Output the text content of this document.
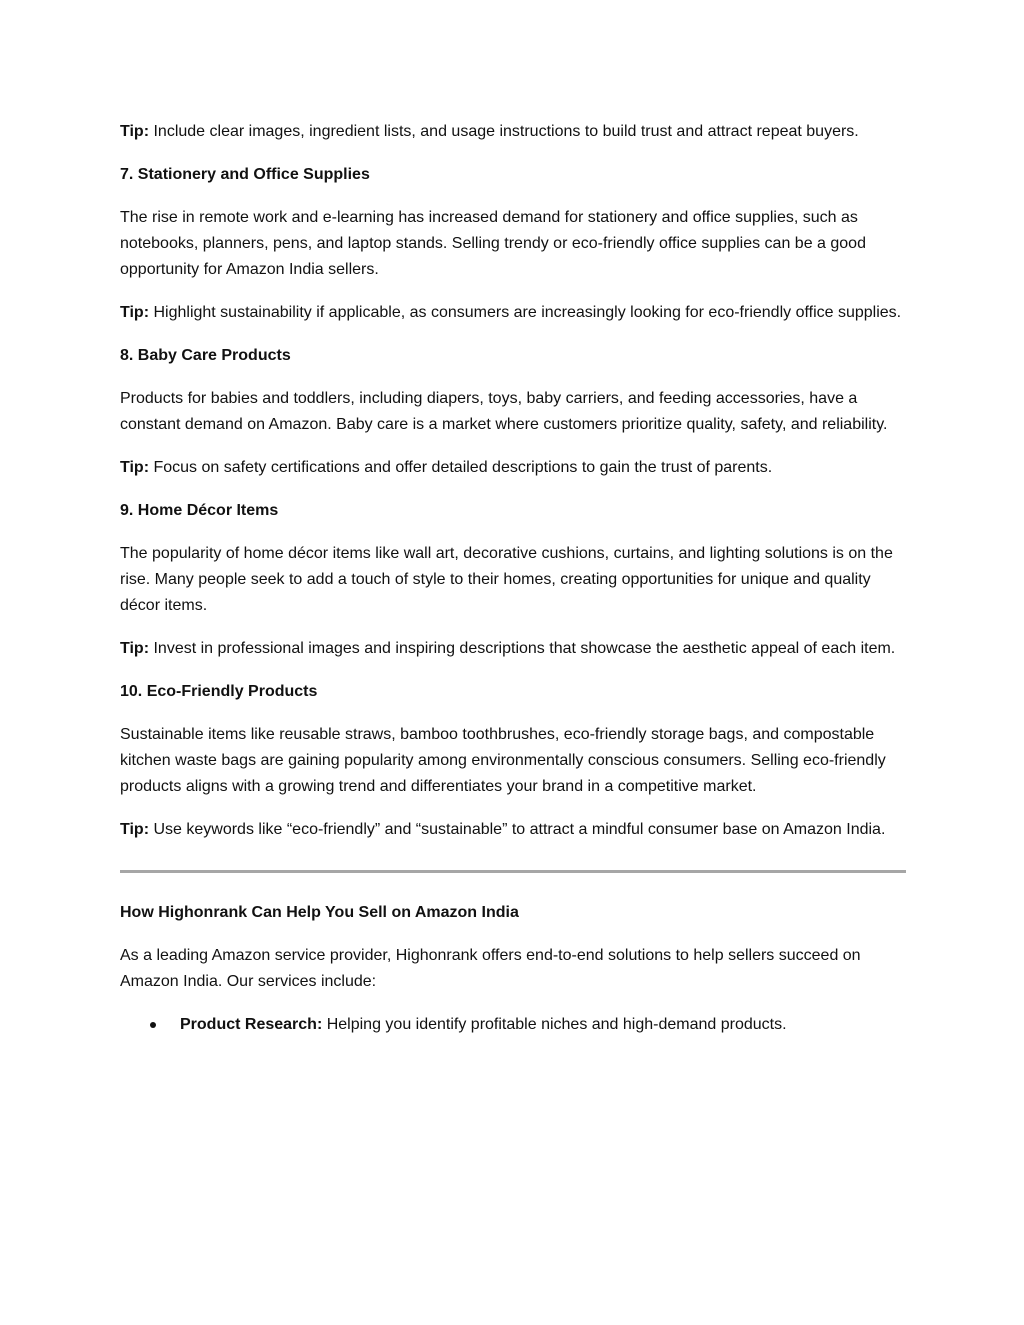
Tip: Include clear images, ingredient lists, and usage instructions to build trust and attract repeat buyers.

7. Stationery and Office Supplies

The rise in remote work and e-learning has increased demand for stationery and office supplies, such as notebooks, planners, pens, and laptop stands. Selling trendy or eco-friendly office supplies can be a good opportunity for Amazon India sellers.

Tip: Highlight sustainability if applicable, as consumers are increasingly looking for eco-friendly office supplies.

8. Baby Care Products

Products for babies and toddlers, including diapers, toys, baby carriers, and feeding accessories, have a constant demand on Amazon. Baby care is a market where customers prioritize quality, safety, and reliability.

Tip: Focus on safety certifications and offer detailed descriptions to gain the trust of parents.

9. Home Décor Items

The popularity of home décor items like wall art, decorative cushions, curtains, and lighting solutions is on the rise. Many people seek to add a touch of style to their homes, creating opportunities for unique and quality décor items.

Tip: Invest in professional images and inspiring descriptions that showcase the aesthetic appeal of each item.

10. Eco-Friendly Products

Sustainable items like reusable straws, bamboo toothbrushes, eco-friendly storage bags, and compostable kitchen waste bags are gaining popularity among environmentally conscious consumers. Selling eco-friendly products aligns with a growing trend and differentiates your brand in a competitive market.

Tip: Use keywords like “eco-friendly” and “sustainable” to attract a mindful consumer base on Amazon India.

How Highonrank Can Help You Sell on Amazon India

As a leading Amazon service provider, Highonrank offers end-to-end solutions to help sellers succeed on Amazon India. Our services include:

Product Research: Helping you identify profitable niches and high-demand products.
